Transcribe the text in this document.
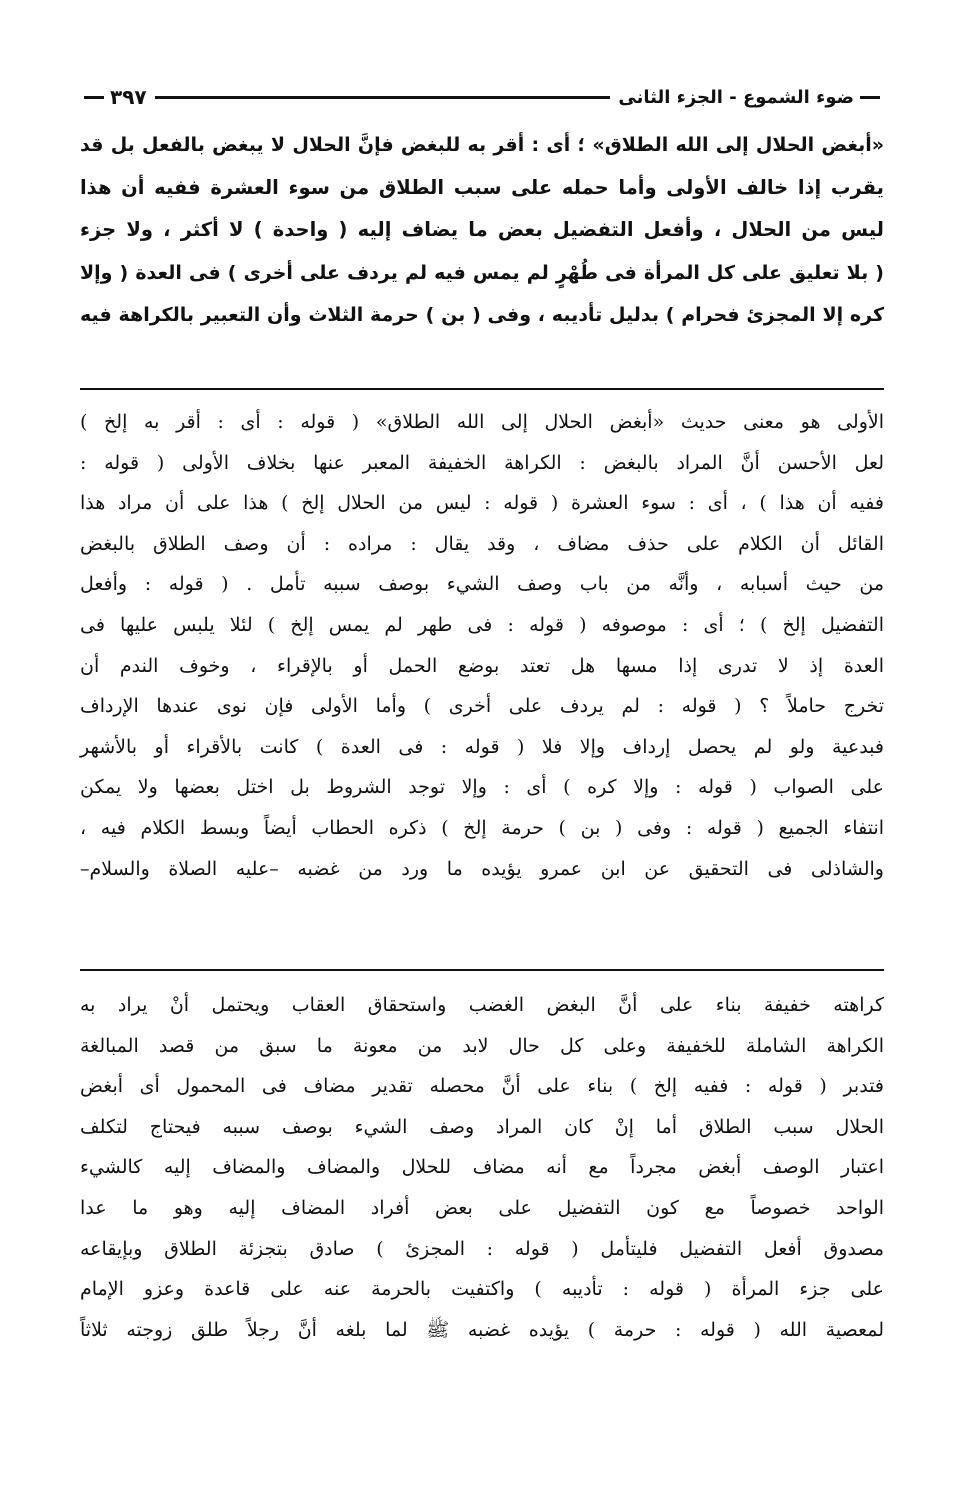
ضوء الشموع - الجزء الثانى
٣٩٧

«أبغض الحلال إلى الله الطلاق» ؛ أى : أقر به للبغض فإنَّ الحلال لا يبغض بالفعل بل قد

يقرب إذا خالف الأولى وأما حمله على سبب الطلاق من سوء العشرة ففيه أن هذا

ليس من الحلال ، وأفعل التفضيل بعض ما يضاف إليه ( واحدة ) لا أكثر ، ولا جزء

( بلا تعليق على كل المرأة فى طُهْرٍ لم يمس فيه لم يردف على أخرى ) فى العدة ( وإلا

كره إلا المجزئ فحرام ) بدليل تأديبه ، وفى ( بن ) حرمة الثلاث وأن التعبير بالكراهة فيه

الأولى هو معنى حديث «أبغض الحلال إلى الله الطلاق» ( قوله : أى : أقر به إلخ )

لعل الأحسن أنَّ المراد بالبغض : الكراهة الخفيفة المعبر عنها بخلاف الأولى ( قوله :

ففيه أن هذا ) ، أى : سوء العشرة ( قوله : ليس من الحلال إلخ ) هذا على أن مراد هذا

القائل أن الكلام على حذف مضاف ، وقد يقال : مراده : أن وصف الطلاق بالبغض

من حيث أسبابه ، وأنَّه من باب وصف الشيء بوصف سببه تأمل . ( قوله : وأفعل

التفضيل إلخ ) ؛ أى : موصوفه ( قوله : فى طهر لم يمس إلخ ) لئلا يلبس عليها فى

العدة إذ لا تدرى إذا مسها هل تعتد بوضع الحمل أو بالإقراء ، وخوف الندم أن

تخرج حاملاً ؟ ( قوله : لم يردف على أخرى ) وأما الأولى فإن نوى عندها الإرداف

فبدعية ولو لم يحصل إرداف وإلا فلا ( قوله : فى العدة ) كانت بالأقراء أو بالأشهر

على الصواب ( قوله : وإلا كره ) أى : وإلا توجد الشروط بل اختل بعضها ولا يمكن

انتفاء الجميع ( قوله : وفى ( بن ) حرمة إلخ ) ذكره الحطاب أيضاً وبسط الكلام فيه ،

والشاذلى فى التحقيق عن ابن عمرو يؤيده ما ورد من غضبه –عليه الصلاة والسلام–

كراهته خفيفة بناء على أنَّ البغض الغضب واستحقاق العقاب ويحتمل أنْ يراد به

الكراهة الشاملة للخفيفة وعلى كل حال لابد من معونة ما سبق من قصد المبالغة

فتدبر ( قوله : ففيه إلخ ) بناء على أنَّ محصله تقدير مضاف فى المحمول أى أبغض

الحلال سبب الطلاق أما إنْ كان المراد وصف الشيء بوصف سببه فيحتاج لتكلف

اعتبار الوصف أبغض مجرداً مع أنه مضاف للحلال والمضاف والمضاف إليه كالشيء

الواحد خصوصاً مع كون التفضيل على بعض أفراد المضاف إليه وهو ما عدا

مصدوق أفعل التفضيل فليتأمل ( قوله : المجزئ ) صادق بتجزئة الطلاق وبإيقاعه

على جزء المرأة ( قوله : تأديبه ) واكتفيت بالحرمة عنه على قاعدة وعزو الإمام

لمعصية الله ( قوله : حرمة ) يؤيده غضبه ﷺ لما بلغه أنَّ رجلاً طلق زوجته ثلاثاً
